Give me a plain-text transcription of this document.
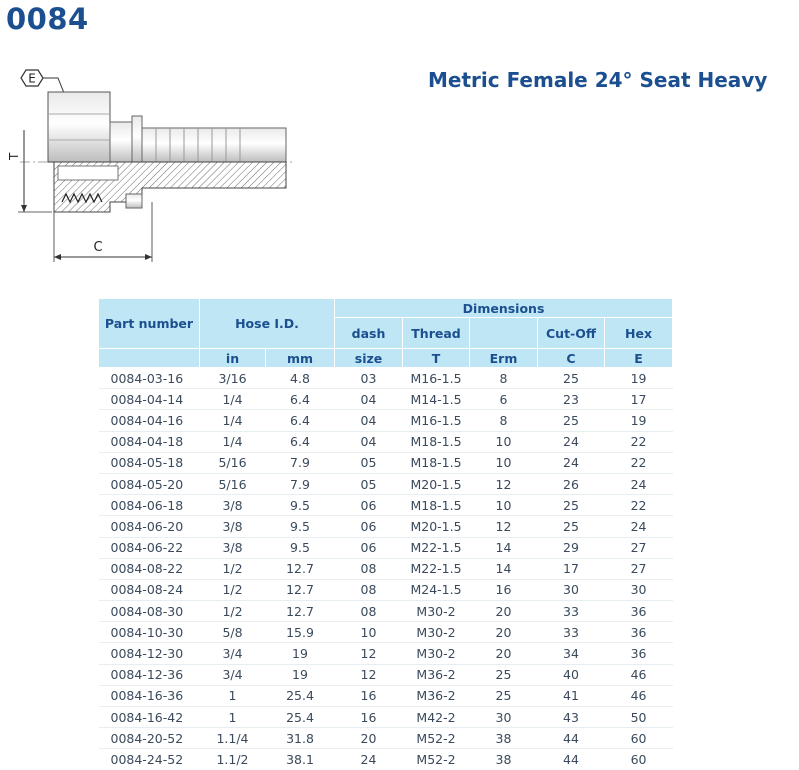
0084
Metric Female 24° Seat Heavy
E
T
C
Part number	Hose I.D.		Dimensions				
			dash	Thread		Cut-Off	Hex
	in	mm	size	T	Erm	C	E
0084-03-16	3/16	4.8	03	M16-1.5	8	25	19
0084-04-14	1/4	6.4	04	M14-1.5	6	23	17
0084-04-16	1/4	6.4	04	M16-1.5	8	25	19
0084-04-18	1/4	6.4	04	M18-1.5	10	24	22
0084-05-18	5/16	7.9	05	M18-1.5	10	24	22
0084-05-20	5/16	7.9	05	M20-1.5	12	26	24
0084-06-18	3/8	9.5	06	M18-1.5	10	25	22
0084-06-20	3/8	9.5	06	M20-1.5	12	25	24
0084-06-22	3/8	9.5	06	M22-1.5	14	29	27
0084-08-22	1/2	12.7	08	M22-1.5	14	17	27
0084-08-24	1/2	12.7	08	M24-1.5	16	30	30
0084-08-30	1/2	12.7	08	M30-2	20	33	36
0084-10-30	5/8	15.9	10	M30-2	20	33	36
0084-12-30	3/4	19	12	M30-2	20	34	36
0084-12-36	3/4	19	12	M36-2	25	40	46
0084-16-36	1	25.4	16	M36-2	25	41	46
0084-16-42	1	25.4	16	M42-2	30	43	50
0084-20-52	1.1/4	31.8	20	M52-2	38	44	60
0084-24-52	1.1/2	38.1	24	M52-2	38	44	60
